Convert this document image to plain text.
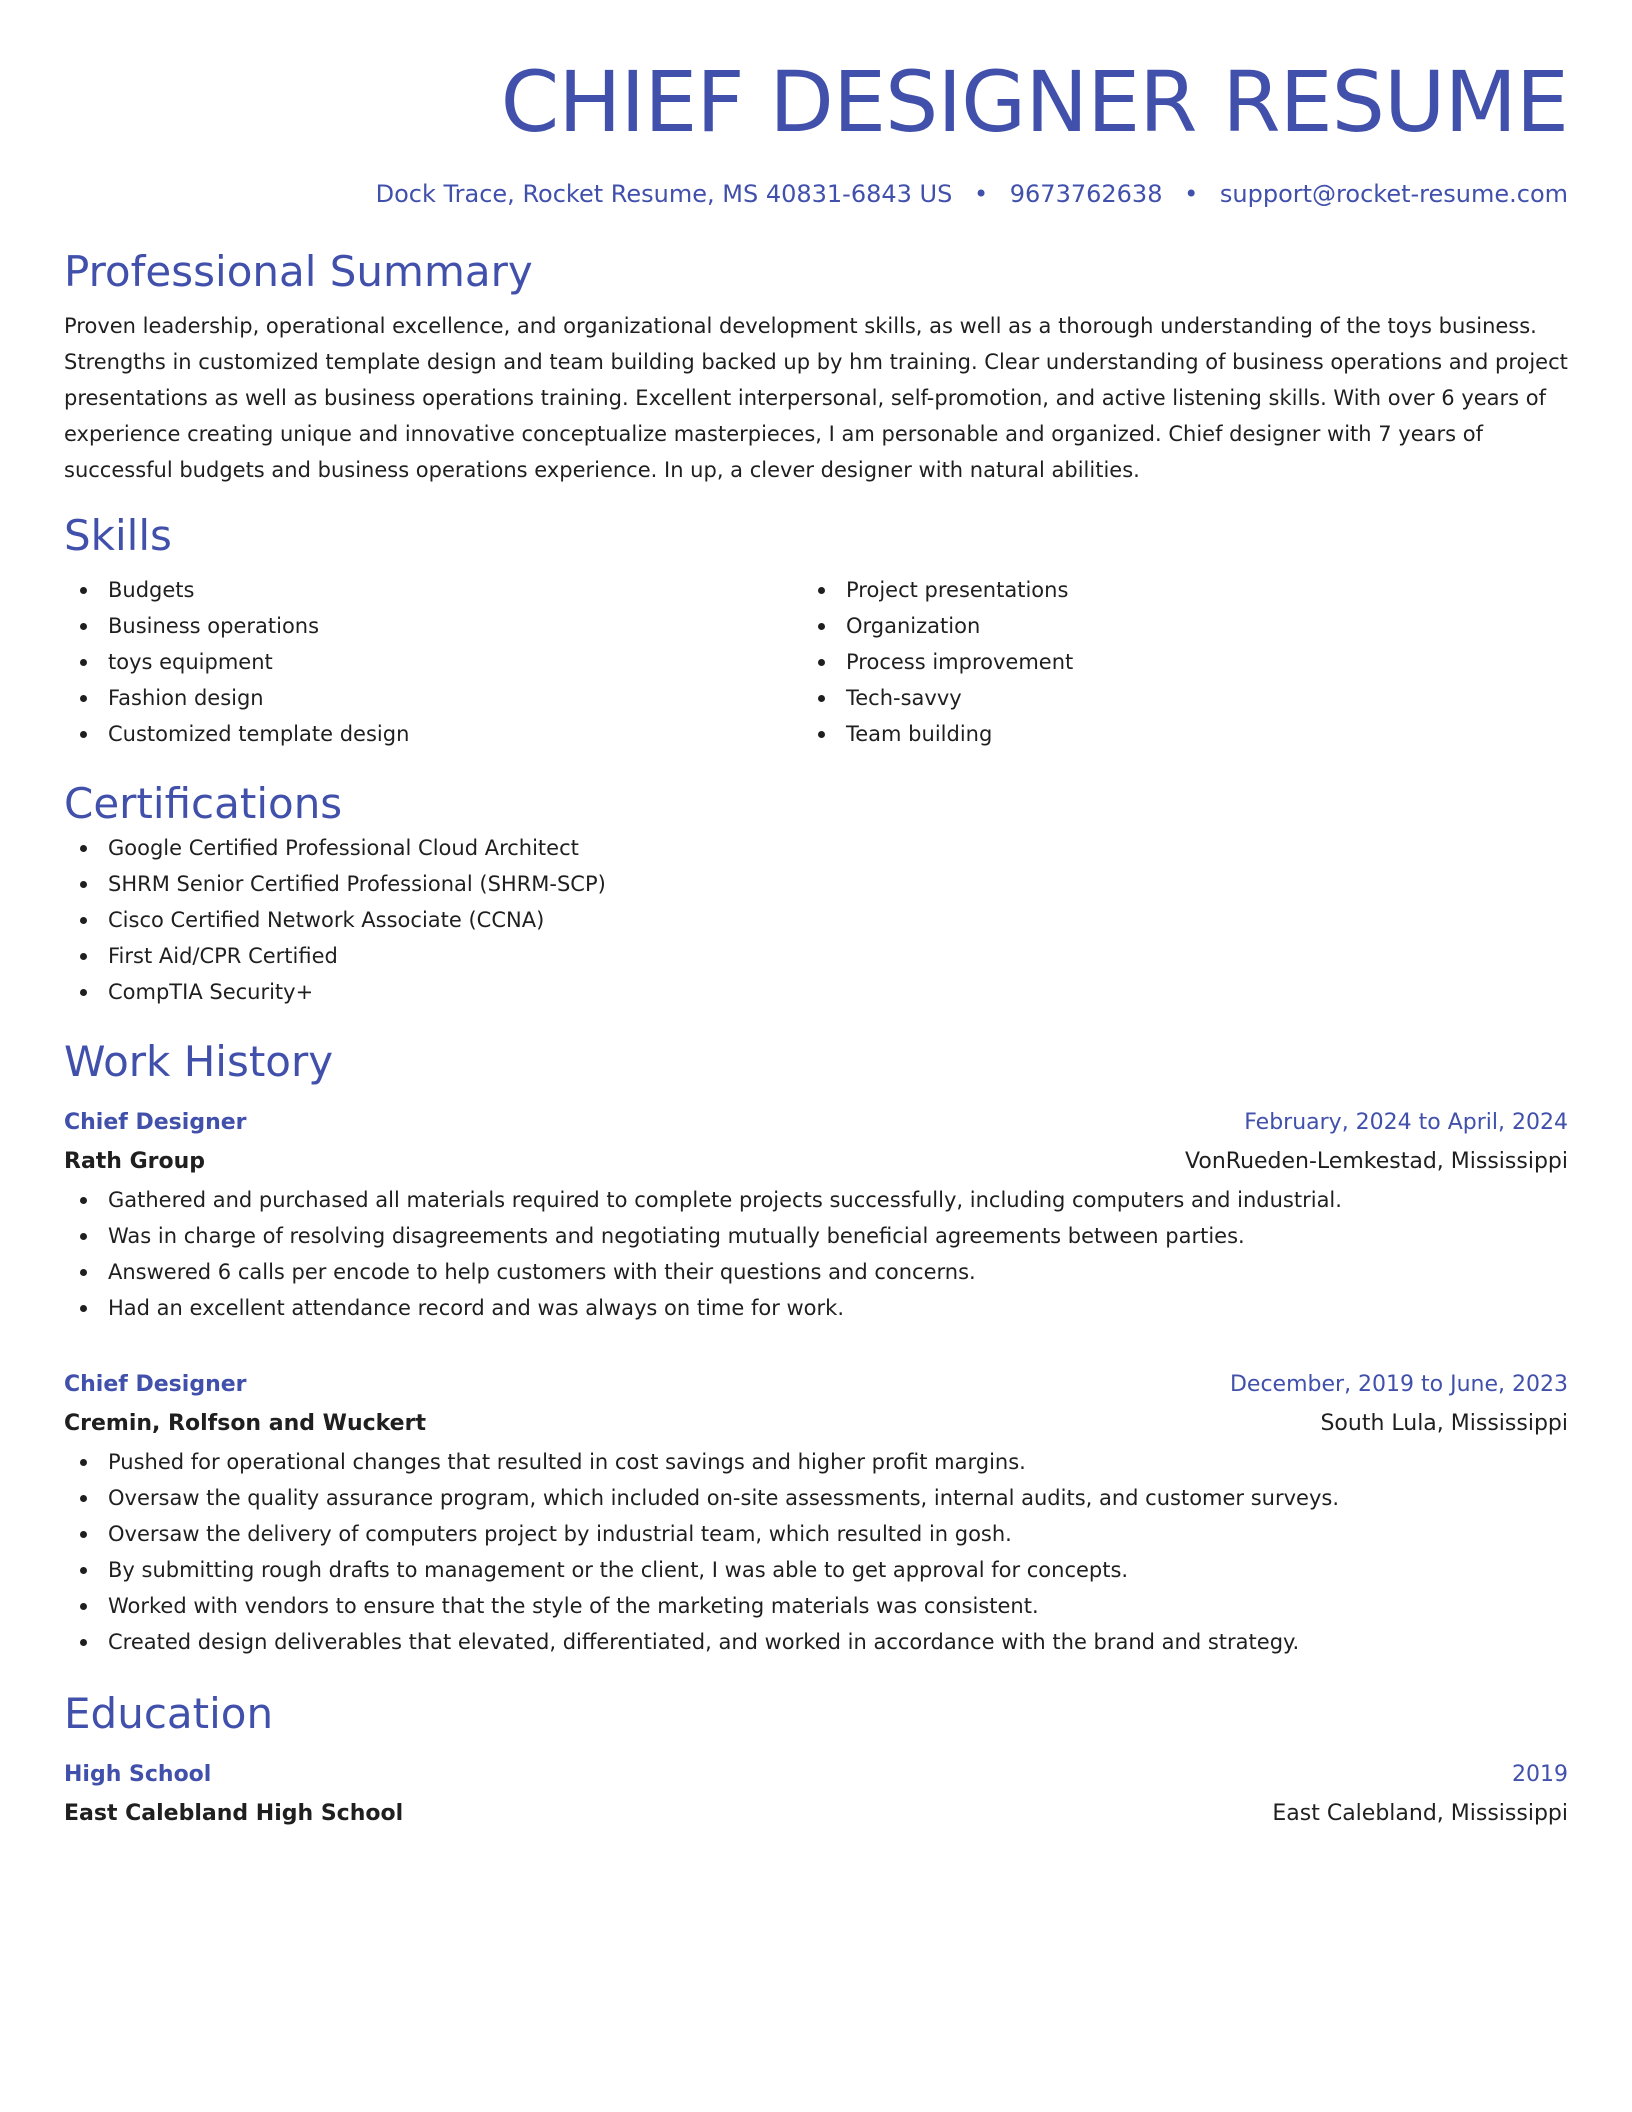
CHIEF DESIGNER RESUME
Dock Trace, Rocket Resume, MS 40831-6843 US • 9673762638 • support@rocket-resume.com
Professional Summary

Proven leadership, operational excellence, and organizational development skills, as well as a thorough understanding of the toys business. Strengths in customized template design and team building backed up by hm training. Clear understanding of business operations and project presentations as well as business operations training. Excellent interpersonal, self-promotion, and active listening skills. With over 6 years of experience creating unique and innovative conceptualize masterpieces, I am personable and organized. Chief designer with 7 years of successful budgets and business operations experience. In up, a clever designer with natural abilities.

Skills
Budgets
Business operations
toys equipment
Fashion design
Customized template design
Project presentations
Organization
Process improvement
Tech-savvy
Team building
Certifications
Google Certified Professional Cloud Architect
SHRM Senior Certified Professional (SHRM-SCP)
Cisco Certified Network Associate (CCNA)
First Aid/CPR Certified
CompTIA Security+
Work History
Chief Designer	February, 2024 to April, 2024
Rath Group	VonRueden-Lemkestad, Mississippi
Gathered and purchased all materials required to complete projects successfully, including computers and industrial.
Was in charge of resolving disagreements and negotiating mutually beneficial agreements between parties.
Answered 6 calls per encode to help customers with their questions and concerns.
Had an excellent attendance record and was always on time for work.
Chief Designer	December, 2019 to June, 2023
Cremin, Rolfson and Wuckert	South Lula, Mississippi
Pushed for operational changes that resulted in cost savings and higher profit margins.
Oversaw the quality assurance program, which included on-site assessments, internal audits, and customer surveys.
Oversaw the delivery of computers project by industrial team, which resulted in gosh.
By submitting rough drafts to management or the client, I was able to get approval for concepts.
Worked with vendors to ensure that the style of the marketing materials was consistent.
Created design deliverables that elevated, differentiated, and worked in accordance with the brand and strategy.
Education
High School	2019
East Calebland High School	East Calebland, Mississippi
